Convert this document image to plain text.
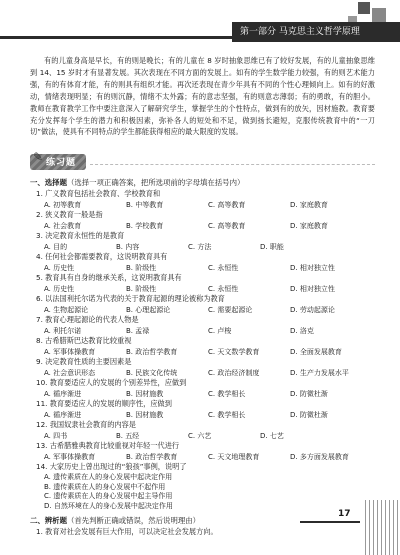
第一部分 马克思主义哲学原理

有的儿童身高是早长，有的则是晚长；有的儿童在 8 岁时抽象思维已有了较好发展，有的儿童抽象思维到 14、15 岁时才有显著发展。其次表现在不同方面的发展上。如有的学生数学能力较强，有的则艺术能力强，有的有体育才能，有的则具有组织才能。再次还表现在青少年具有不同的个性心理倾向上。如有的好激动，情绪表现明显；有的则沉静，情绪不太外露；有的意志坚强，有的则意志薄弱；有的勇敢，有的胆小。教师在教育教学工作中要注意深入了解研究学生，掌握学生的个性特点，做到有的放矢，因材施教。教育要充分发挥每个学生的潜力和积极因素，弥补各人的短处和不足，做到扬长避短，克服传统教育中的“一刀切”做法，使具有不同特点的学生都能获得相应的最大限度的发展。

✎ 练习题
一、选择题（选择一项正确答案，把所选项前的字母填在括号内）
1. 广义教育包括社会教育、学校教育和
A. 初等教育	B. 中等教育	C. 高等教育	D. 家庭教育
2. 狭义教育一般是指
A. 社会教育	B. 学校教育	C. 高等教育	D. 家庭教育
3. 决定教育永恒性的是教育
A. 目的	B. 内容	C. 方法	D. 职能
4. 任何社会都需要教育，这说明教育具有
A. 历史性	B. 阶级性	C. 永恒性	D. 相对独立性
5. 教育具有自身的继承关系，这说明教育具有
A. 历史性	B. 阶级性	C. 永恒性	D. 相对独立性
6. 以法国利托尔诺为代表的关于教育起源的理论被称为教育
A. 生物起源论	B. 心理起源论	C. 需要起源论	D. 劳动起源论
7. 教育心理起源论的代表人物是
A. 利托尔诺	B. 孟禄	C. 卢梭	D. 洛克
8. 古希腊斯巴达教育比较重视
A. 军事体操教育	B. 政治哲学教育	C. 天文数学教育	D. 全面发展教育
9. 决定教育性质的主要因素是
A. 社会意识形态	B. 民族文化传统	C. 政治经济制度	D. 生产力发展水平
10. 教育要适应人的发展的个别差异性，应做到
A. 循序渐进	B. 因材施教	C. 教学相长	D. 防微杜渐
11. 教育要适应人的发展的顺序性，应做到
A. 循序渐进	B. 因材施教	C. 教学相长	D. 防微杜渐
12. 我国奴隶社会教育的内容是
A. 四书	B. 五经	C. 六艺	D. 七艺
13. 古希腊雅典教育比较重视对年轻一代进行
A. 军事体操教育	B. 政治哲学教育	C. 天文地理教育	D. 多方面发展教育
14. 大家历史上曾出现过的“狼孩”事例，说明了
A. 遗传素质在人的身心发展中起决定作用
B. 遗传素质在人的身心发展中不起作用
C. 遗传素质在人的身心发展中起主导作用
D. 自然环境在人的身心发展中起决定作用
二、辨析题（首先判断正确或错误，然后说明理由）
1. 教育对社会发展有巨大作用，可以决定社会发展方向。
17
